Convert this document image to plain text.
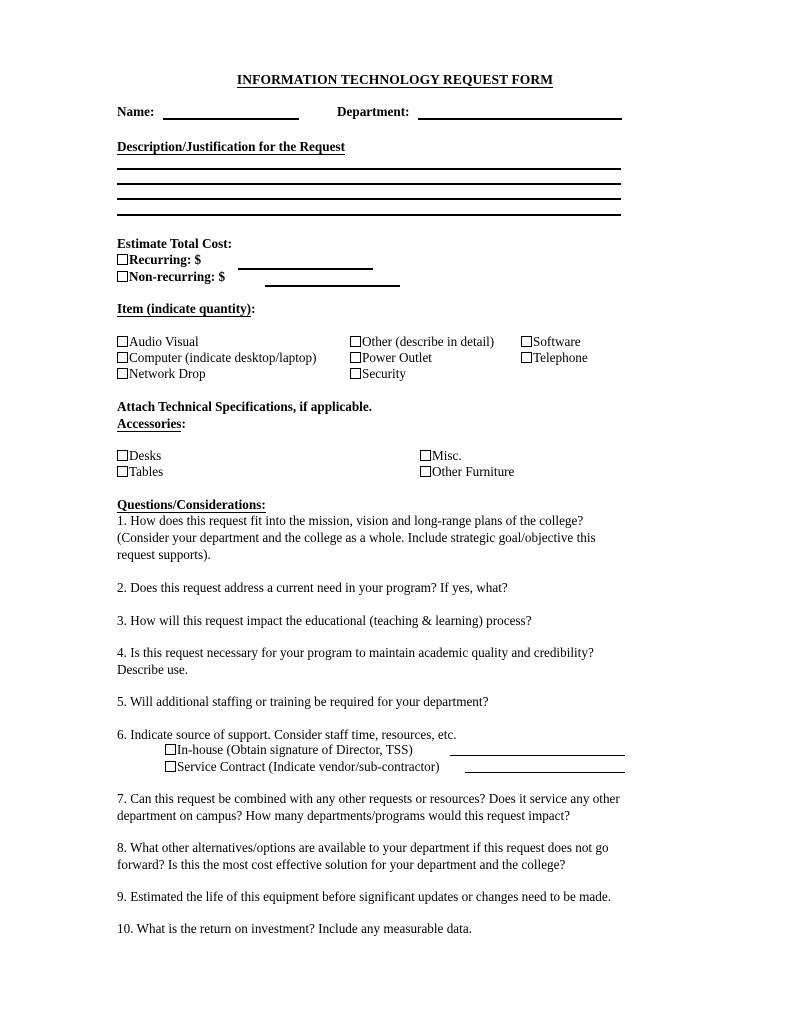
INFORMATION TECHNOLOGY REQUEST FORM
Name:	Department:
Description/Justification for the Request
Estimate Total Cost:
Recurring: $
Non-recurring: $
Item (indicate quantity):
Audio Visual
Computer (indicate desktop/laptop)
Network Drop
Other (describe in detail)
Power Outlet
Security
Software
Telephone
Attach Technical Specifications, if applicable.
Accessories:
Desks
Tables
Misc.
Other Furniture
Questions/Considerations:
1. How does this request fit into the mission, vision and long-range plans of the college?
(Consider your department and the college as a whole. Include strategic goal/objective this
request supports).
2. Does this request address a current need in your program? If yes, what?
3. How will this request impact the educational (teaching & learning) process?
4. Is this request necessary for your program to maintain academic quality and credibility?
Describe use.
5. Will additional staffing or training be required for your department?
6. Indicate source of support. Consider staff time, resources, etc.
In-house (Obtain signature of Director, TSS)
Service Contract (Indicate vendor/sub-contractor)
7. Can this request be combined with any other requests or resources? Does it service any other
department on campus? How many departments/programs would this request impact?
8. What other alternatives/options are available to your department if this request does not go
forward? Is this the most cost effective solution for your department and the college?
9. Estimated the life of this equipment before significant updates or changes need to be made.
10. What is the return on investment? Include any measurable data.
